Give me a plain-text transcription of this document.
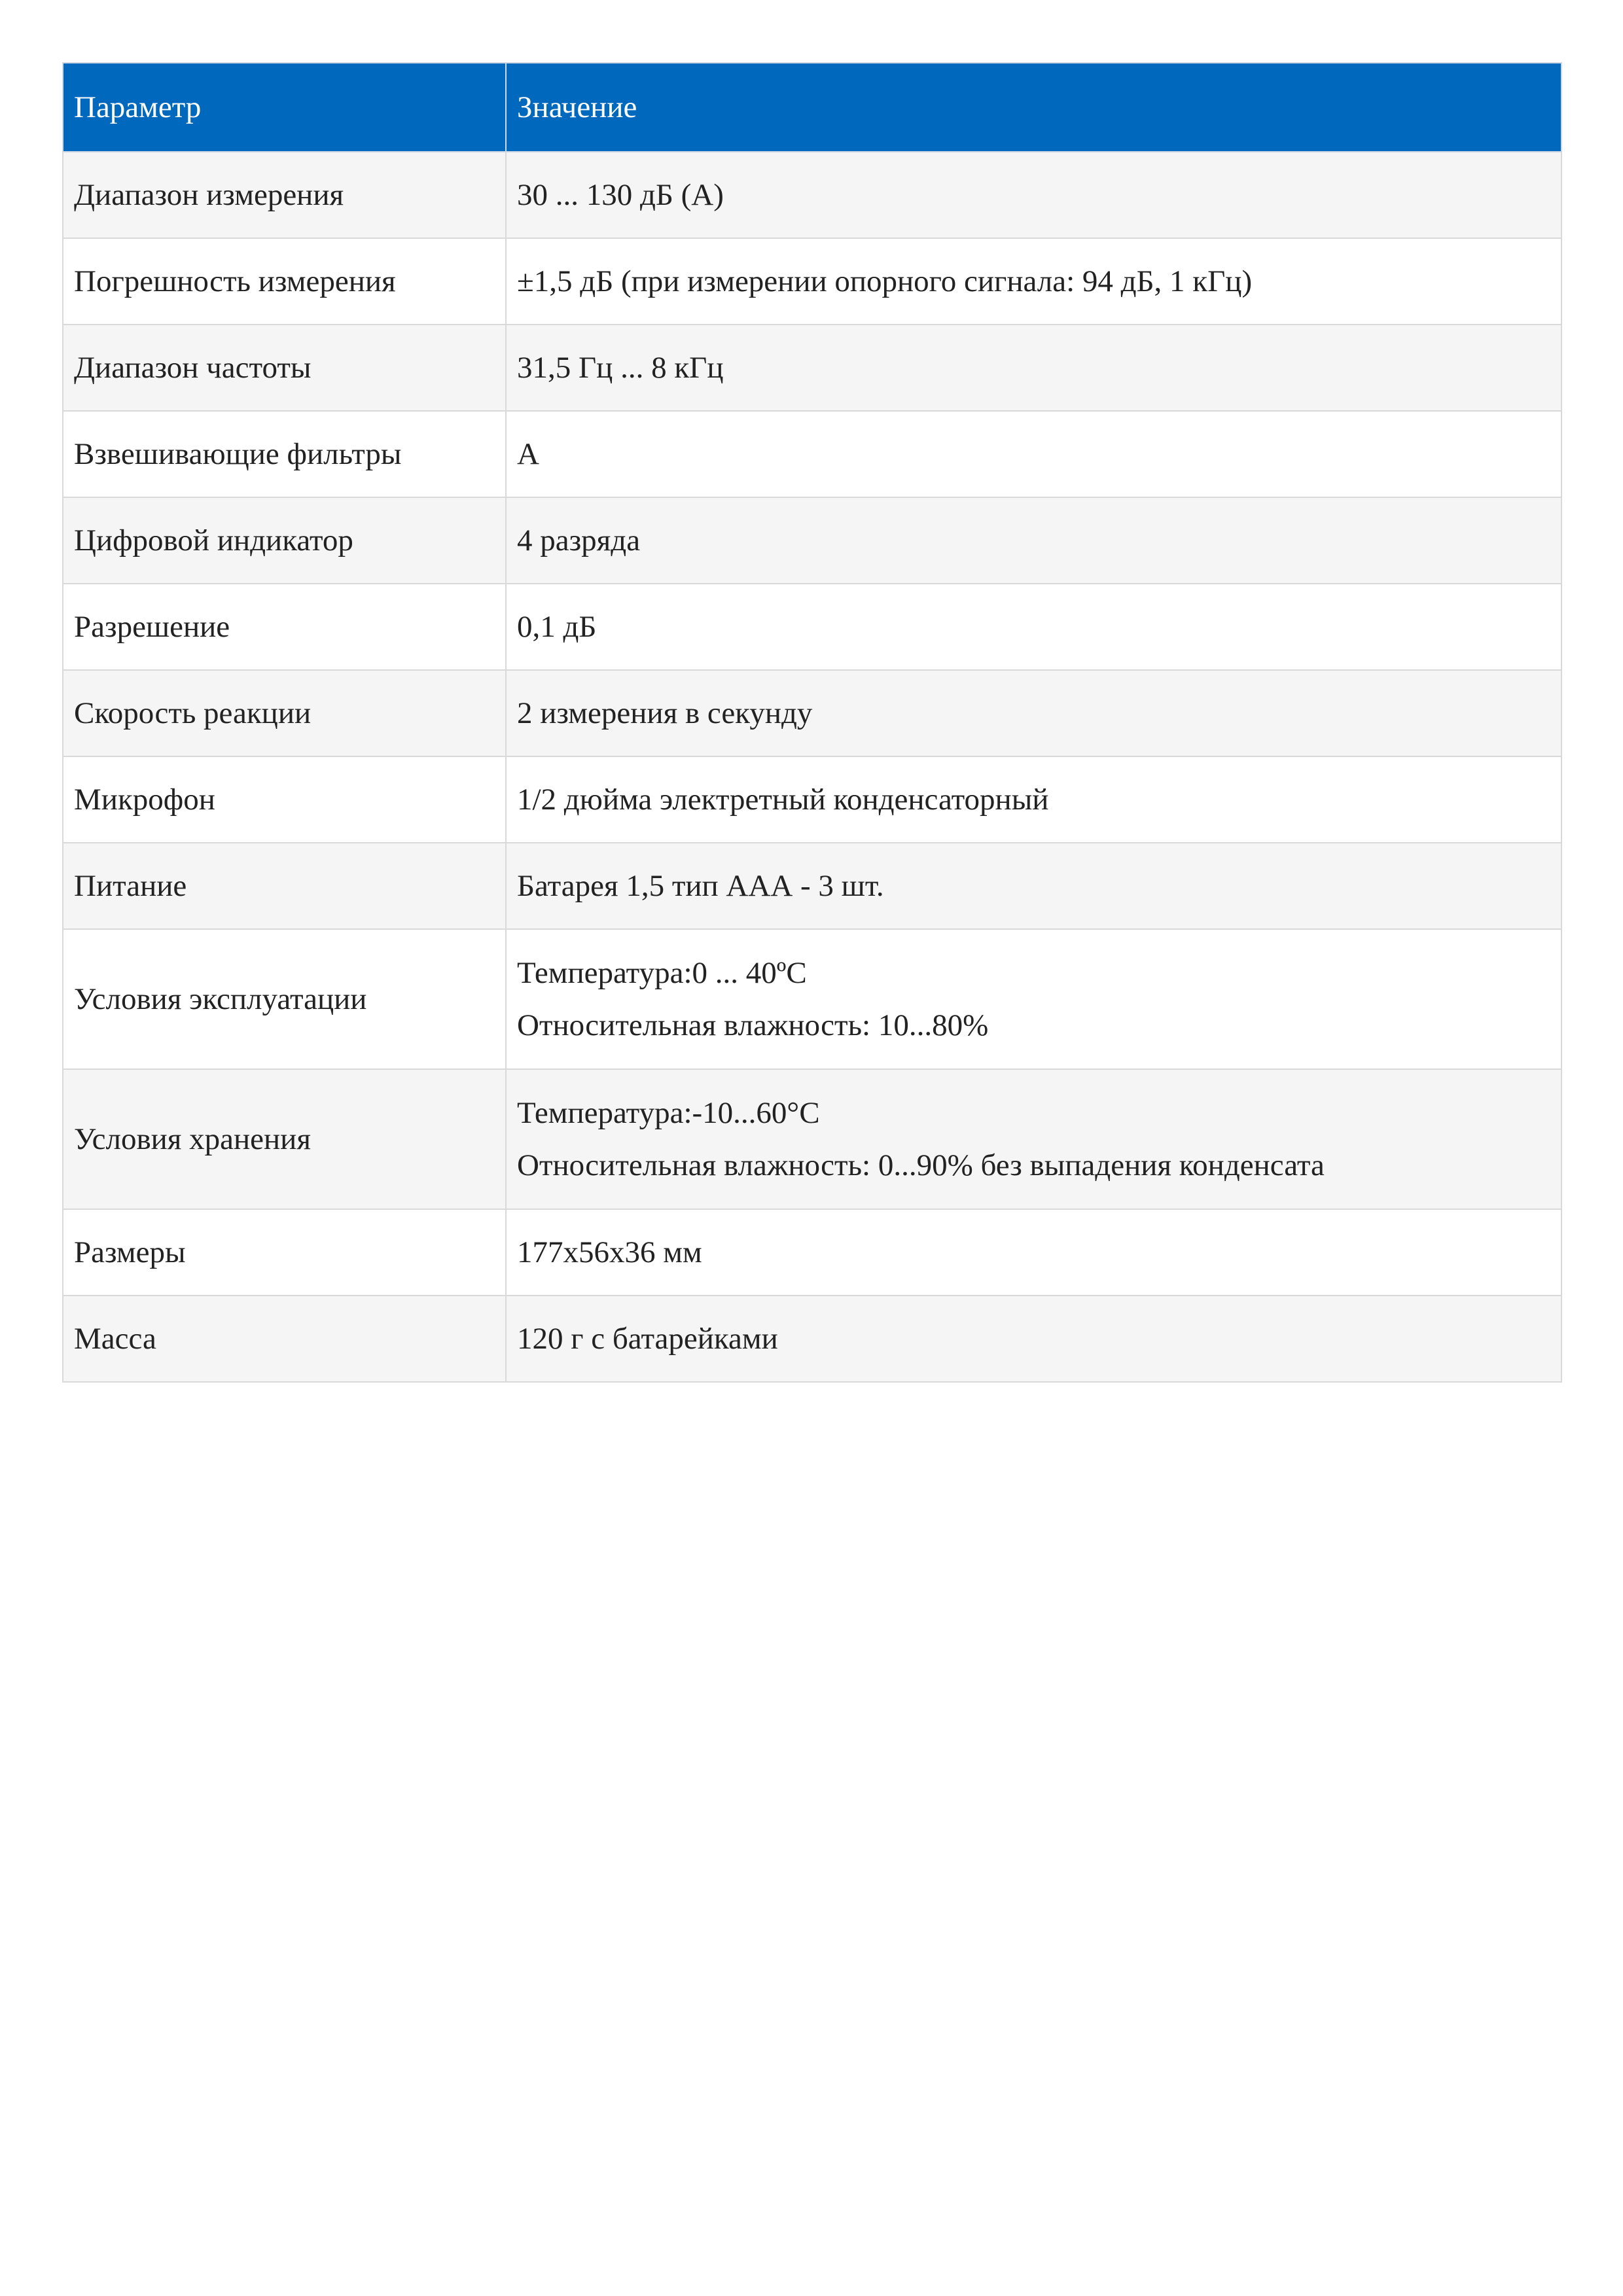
Параметр	Значение
Диапазон измерения	30 ... 130 дБ (А)

Погрешность измерения	±1,5 дБ (при измерении опорного сигнала: 94 дБ, 1 кГц)

Диапазон частоты	31,5 Гц ... 8 кГц

Взвешивающие фильтры	А

Цифровой индикатор	4 разряда

Разрешение	0,1 дБ

Скорость реакции	2 измерения в секунду

Микрофон	1/2 дюйма электретный конденсаторный

Питание	Батарея 1,5 тип ААА - 3 шт.

Условия эксплуатации	Температура:0 ... 40ºC
Относительная влажность: 10...80%

Условия хранения	Температура:-10...60°C
Относительная влажность: 0...90% без выпадения конденсата

Размеры	177x56x36 мм

Масса	120 г с батарейками
